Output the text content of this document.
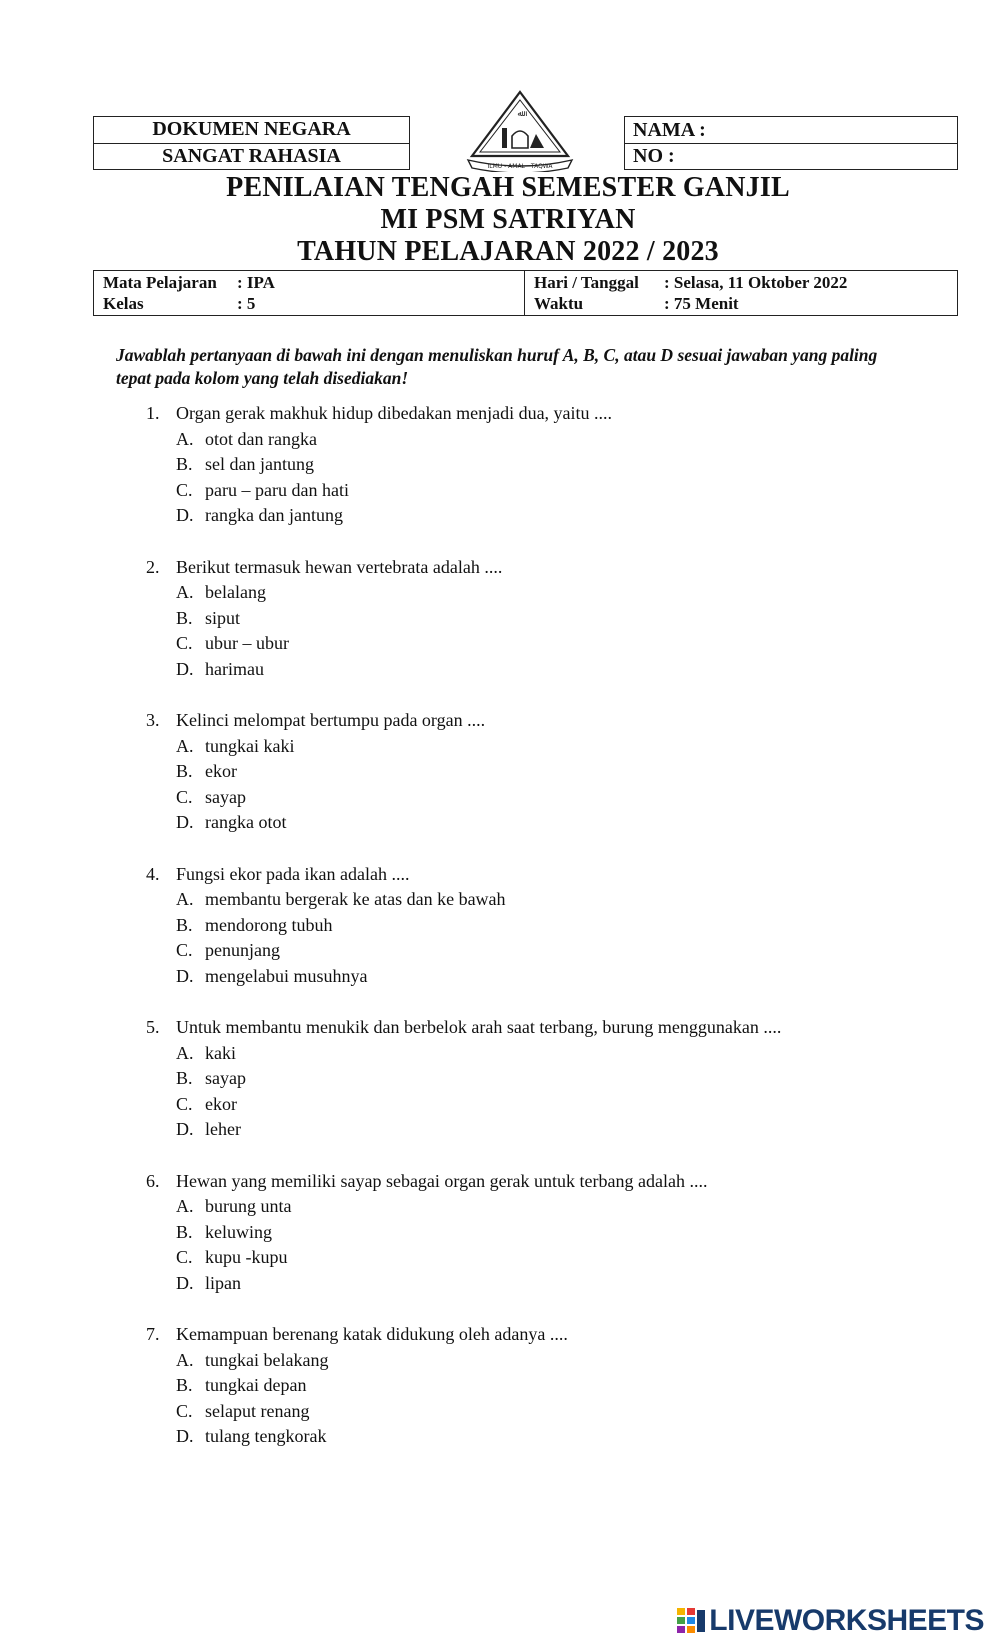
DOKUMEN NEGARA
SANGAT RAHASIA
ﷲ
ILMU - AMAL - TAQWA
NAMA :
NO :
PENILAIAN TENGAH SEMESTER GANJIL
MI PSM SATRIYAN
TAHUN PELAJARAN 2022 / 2023
Mata Pelajaran : IPA
Kelas	: 5
Hari / Tanggal : Selasa, 11 Oktober 2022
Waktu	: 75 Menit
Jawablah pertanyaan di bawah ini dengan menuliskan huruf A, B, C, atau D sesuai jawaban yang paling tepat pada kolom yang telah disediakan!
1. Organ gerak makhuk hidup dibedakan menjadi dua, yaitu ....
A. otot dan rangka
B. sel dan jantung
C. paru – paru dan hati
D. rangka dan jantung
2. Berikut termasuk hewan vertebrata adalah ....
A. belalang
B. siput
C. ubur – ubur
D. harimau
3. Kelinci melompat bertumpu pada organ ....
A. tungkai kaki
B. ekor
C. sayap
D. rangka otot
4. Fungsi ekor pada ikan adalah ....
A. membantu bergerak ke atas dan ke bawah
B. mendorong tubuh
C. penunjang
D. mengelabui musuhnya
5. Untuk membantu menukik dan berbelok arah saat terbang, burung menggunakan ....
A. kaki
B. sayap
C. ekor
D. leher
6. Hewan yang memiliki sayap sebagai organ gerak untuk terbang adalah ....
A. burung unta
B. keluwing
C. kupu -kupu
D. lipan
7. Kemampuan berenang katak didukung oleh adanya ....
A. tungkai belakang
B. tungkai depan
C. selaput renang
D. tulang tengkorak
LIVEWORKSHEETS
